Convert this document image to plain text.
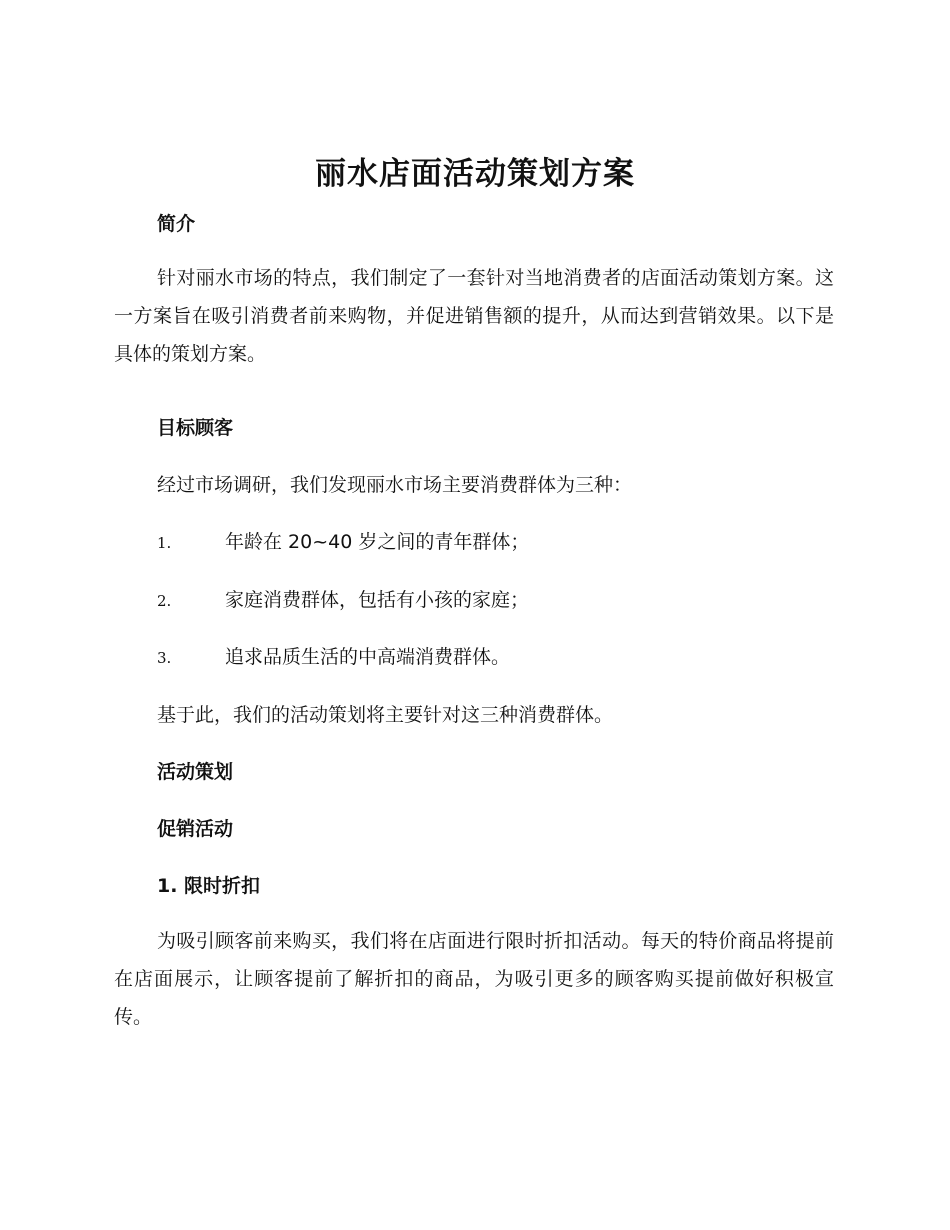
丽水店面活动策划方案
简介
针对丽水市场的特点，我们制定了一套针对当地消费者的店面活动策划方案。这一方案旨在吸引消费者前来购物，并促进销售额的提升，从而达到营销效果。以下是具体的策划方案。
目标顾客
经过市场调研，我们发现丽水市场主要消费群体为三种：
1.	年龄在 20~40 岁之间的青年群体；
2.	家庭消费群体，包括有小孩的家庭；
3.	追求品质生活的中高端消费群体。
基于此，我们的活动策划将主要针对这三种消费群体。
活动策划
促销活动
1. 限时折扣
为吸引顾客前来购买，我们将在店面进行限时折扣活动。每天的特价商品将提前在店面展示，让顾客提前了解折扣的商品，为吸引更多的顾客购买提前做好积极宣传。
